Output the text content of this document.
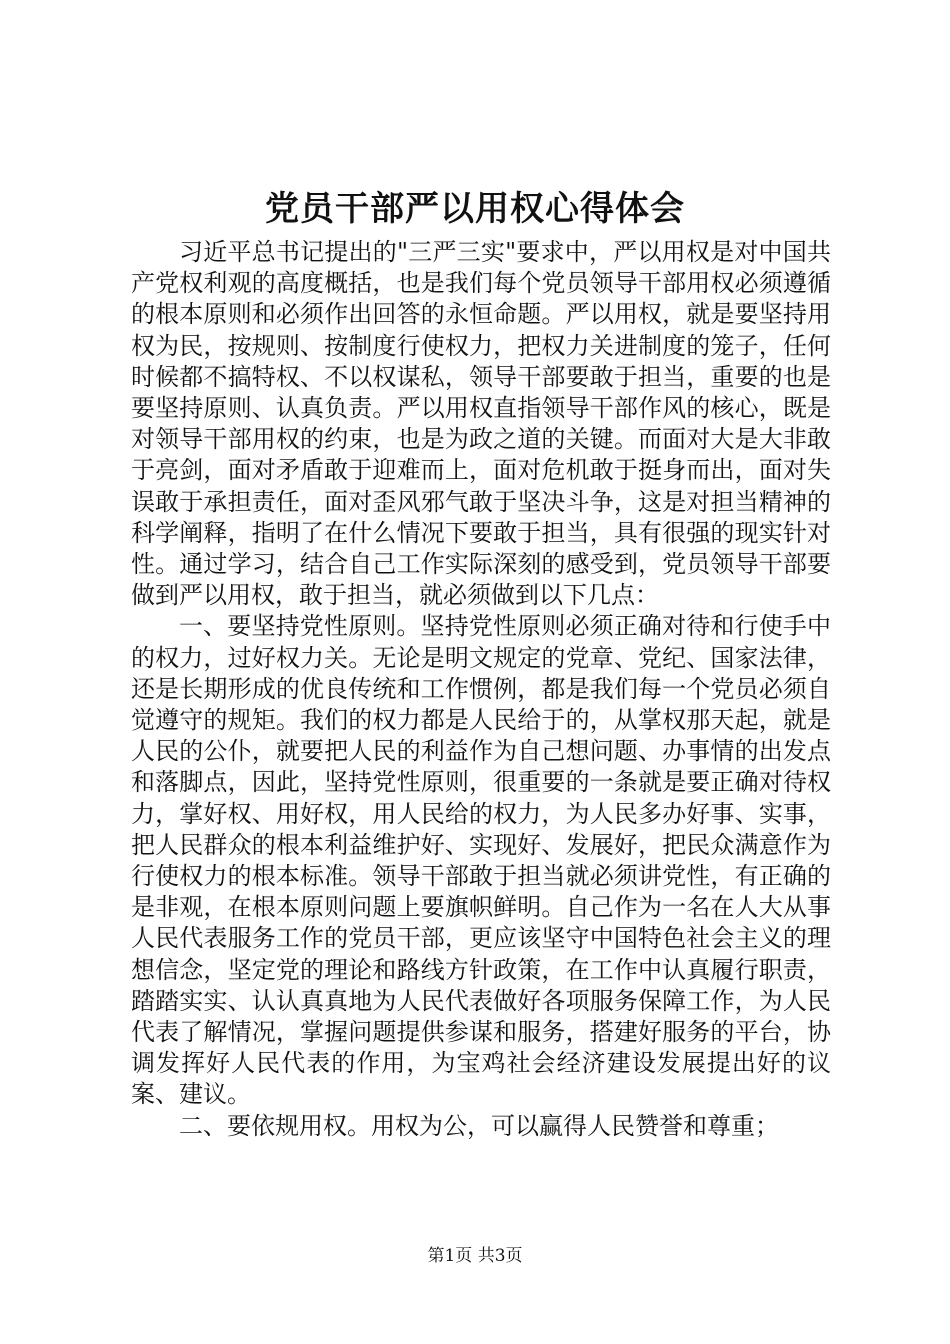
党员干部严以用权心得体会

习近平总书记提出的"三严三实"要求中，严以用权是对中国共产党权利观的高度概括，也是我们每个党员领导干部用权必须遵循的根本原则和必须作出回答的永恒命题。严以用权，就是要坚持用权为民，按规则、按制度行使权力，把权力关进制度的笼子，任何时候都不搞特权、不以权谋私，领导干部要敢于担当，重要的也是要坚持原则、认真负责。严以用权直指领导干部作风的核心，既是对领导干部用权的约束，也是为政之道的关键。而面对大是大非敢于亮剑，面对矛盾敢于迎难而上，面对危机敢于挺身而出，面对失误敢于承担责任，面对歪风邪气敢于坚决斗争，这是对担当精神的科学阐释，指明了在什么情况下要敢于担当，具有很强的现实针对性。通过学习，结合自己工作实际深刻的感受到，党员领导干部要做到严以用权，敢于担当，就必须做到以下几点：

一、要坚持党性原则。坚持党性原则必须正确对待和行使手中的权力，过好权力关。无论是明文规定的党章、党纪、国家法律，还是长期形成的优良传统和工作惯例，都是我们每一个党员必须自觉遵守的规矩。我们的权力都是人民给于的，从掌权那天起，就是人民的公仆，就要把人民的利益作为自己想问题、办事情的出发点和落脚点，因此，坚持党性原则，很重要的一条就是要正确对待权力，掌好权、用好权，用人民给的权力，为人民多办好事、实事，把人民群众的根本利益维护好、实现好、发展好，把民众满意作为行使权力的根本标准。领导干部敢于担当就必须讲党性，有正确的是非观，在根本原则问题上要旗帜鲜明。自己作为一名在人大从事人民代表服务工作的党员干部，更应该坚守中国特色社会主义的理想信念，坚定党的理论和路线方针政策，在工作中认真履行职责，踏踏实实、认认真真地为人民代表做好各项服务保障工作，为人民代表了解情况，掌握问题提供参谋和服务，搭建好服务的平台，协调发挥好人民代表的作用，为宝鸡社会经济建设发展提出好的议案、建议。

二、要依规用权。用权为公，可以赢得人民赞誉和尊重；

第1页 共3页
